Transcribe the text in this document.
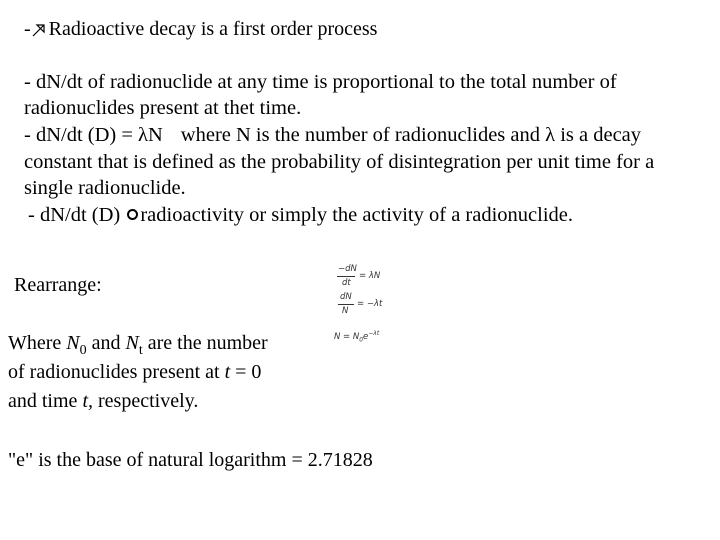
- Radioactive decay is a first order process
- dN/dt of radionuclide at any time is proportional to the total number of
radionuclides present at thet time.
- dN/dt (D) = λN where N is the number of radionuclides and λ is a decay
constant that is defined as the probability of disintegration per unit time for a
single radionuclide.
- dN/dt (D) radioactivity or simply the activity of a radionuclide.
Rearrange:
Where $N_0$ and $N_t$ are the number
of radionuclides present at t = 0
and time t, respectively.
"e" is the base of natural logarithm = 2.71828
−dN
dt
= λN
dN
N
= −λt
$N = N_0e^{-\lambda t}$
